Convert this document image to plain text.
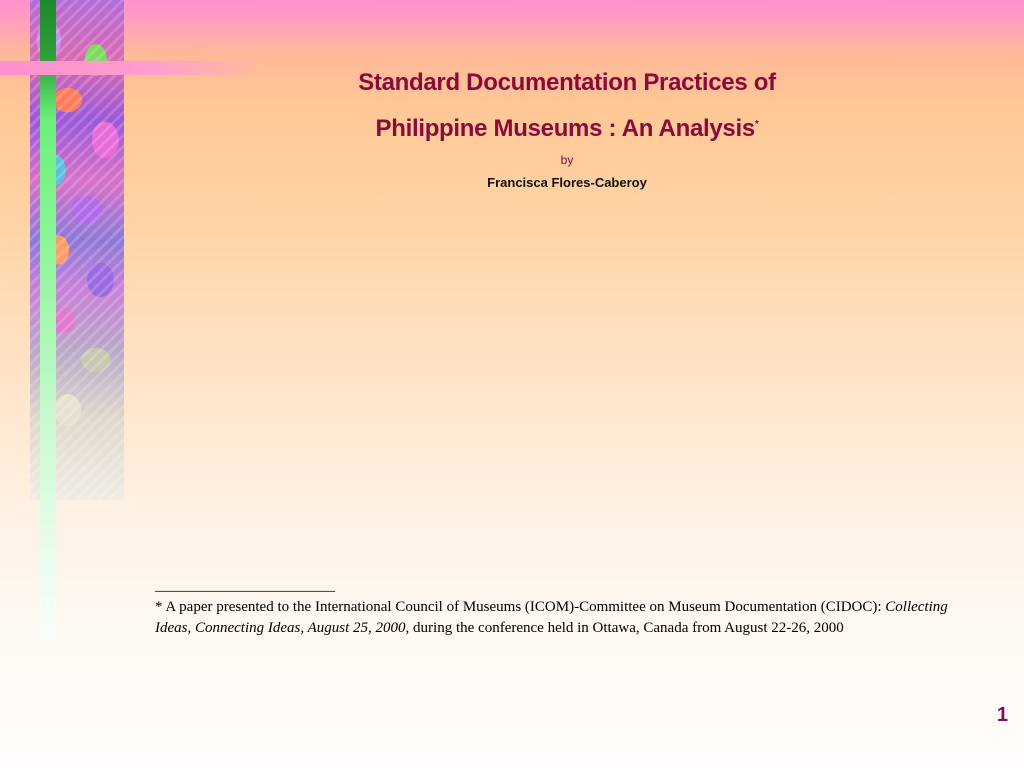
Standard Documentation Practices of
Philippine Museums : An Analysis*
by
Francisca Flores-Caberoy
________________________
* A paper presented to the International Council of Museums (ICOM)-Committee on Museum Documentation (CIDOC): Collecting Ideas, Connecting Ideas, August 25, 2000, during the conference held in Ottawa, Canada from August 22-26, 2000
1
